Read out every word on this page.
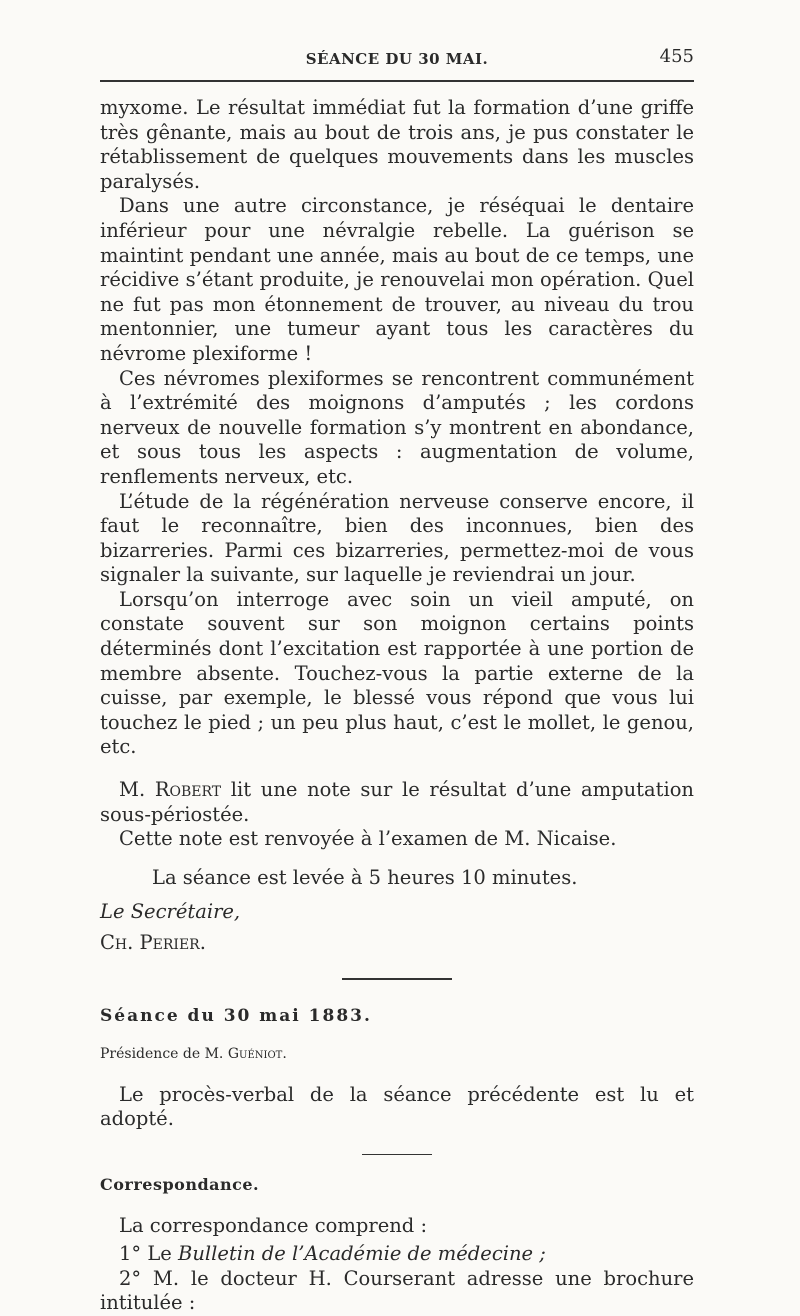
SÉANCE DU 30 MAI.	455

myxome. Le résultat immédiat fut la formation d’une griffe très gênante, mais au bout de trois ans, je pus constater le rétablissement de quelques mouvements dans les muscles paralysés.

Dans une autre circonstance, je réséquai le dentaire inférieur pour une névralgie rebelle. La guérison se maintint pendant une année, mais au bout de ce temps, une récidive s’étant produite, je renouvelai mon opération. Quel ne fut pas mon étonnement de trouver, au niveau du trou mentonnier, une tumeur ayant tous les caractères du névrome plexiforme !

Ces névromes plexiformes se rencontrent communément à l’extrémité des moignons d’amputés ; les cordons nerveux de nouvelle formation s’y montrent en abondance, et sous tous les aspects : augmentation de volume, renflements nerveux, etc.

L’étude de la régénération nerveuse conserve encore, il faut le reconnaître, bien des inconnues, bien des bizarreries. Parmi ces bizarreries, permettez-moi de vous signaler la suivante, sur laquelle je reviendrai un jour.

Lorsqu’on interroge avec soin un vieil amputé, on constate souvent sur son moignon certains points déterminés dont l’excitation est rapportée à une portion de membre absente. Touchez-vous la partie externe de la cuisse, par exemple, le blessé vous répond que vous lui touchez le pied ; un peu plus haut, c’est le mollet, le genou, etc.

M. Robert lit une note sur le résultat d’une amputation sous-périostée.

Cette note est renvoyée à l’examen de M. Nicaise.

La séance est levée à 5 heures 10 minutes.

Le Secrétaire,

Ch. Perier.

Séance du 30 mai 1883.

Présidence de M. Guéniot.

Le procès-verbal de la séance précédente est lu et adopté.

Correspondance.

La correspondance comprend :

1° Le Bulletin de l’Académie de médecine ;

2° M. le docteur H. Courserant adresse une brochure intitulée :
